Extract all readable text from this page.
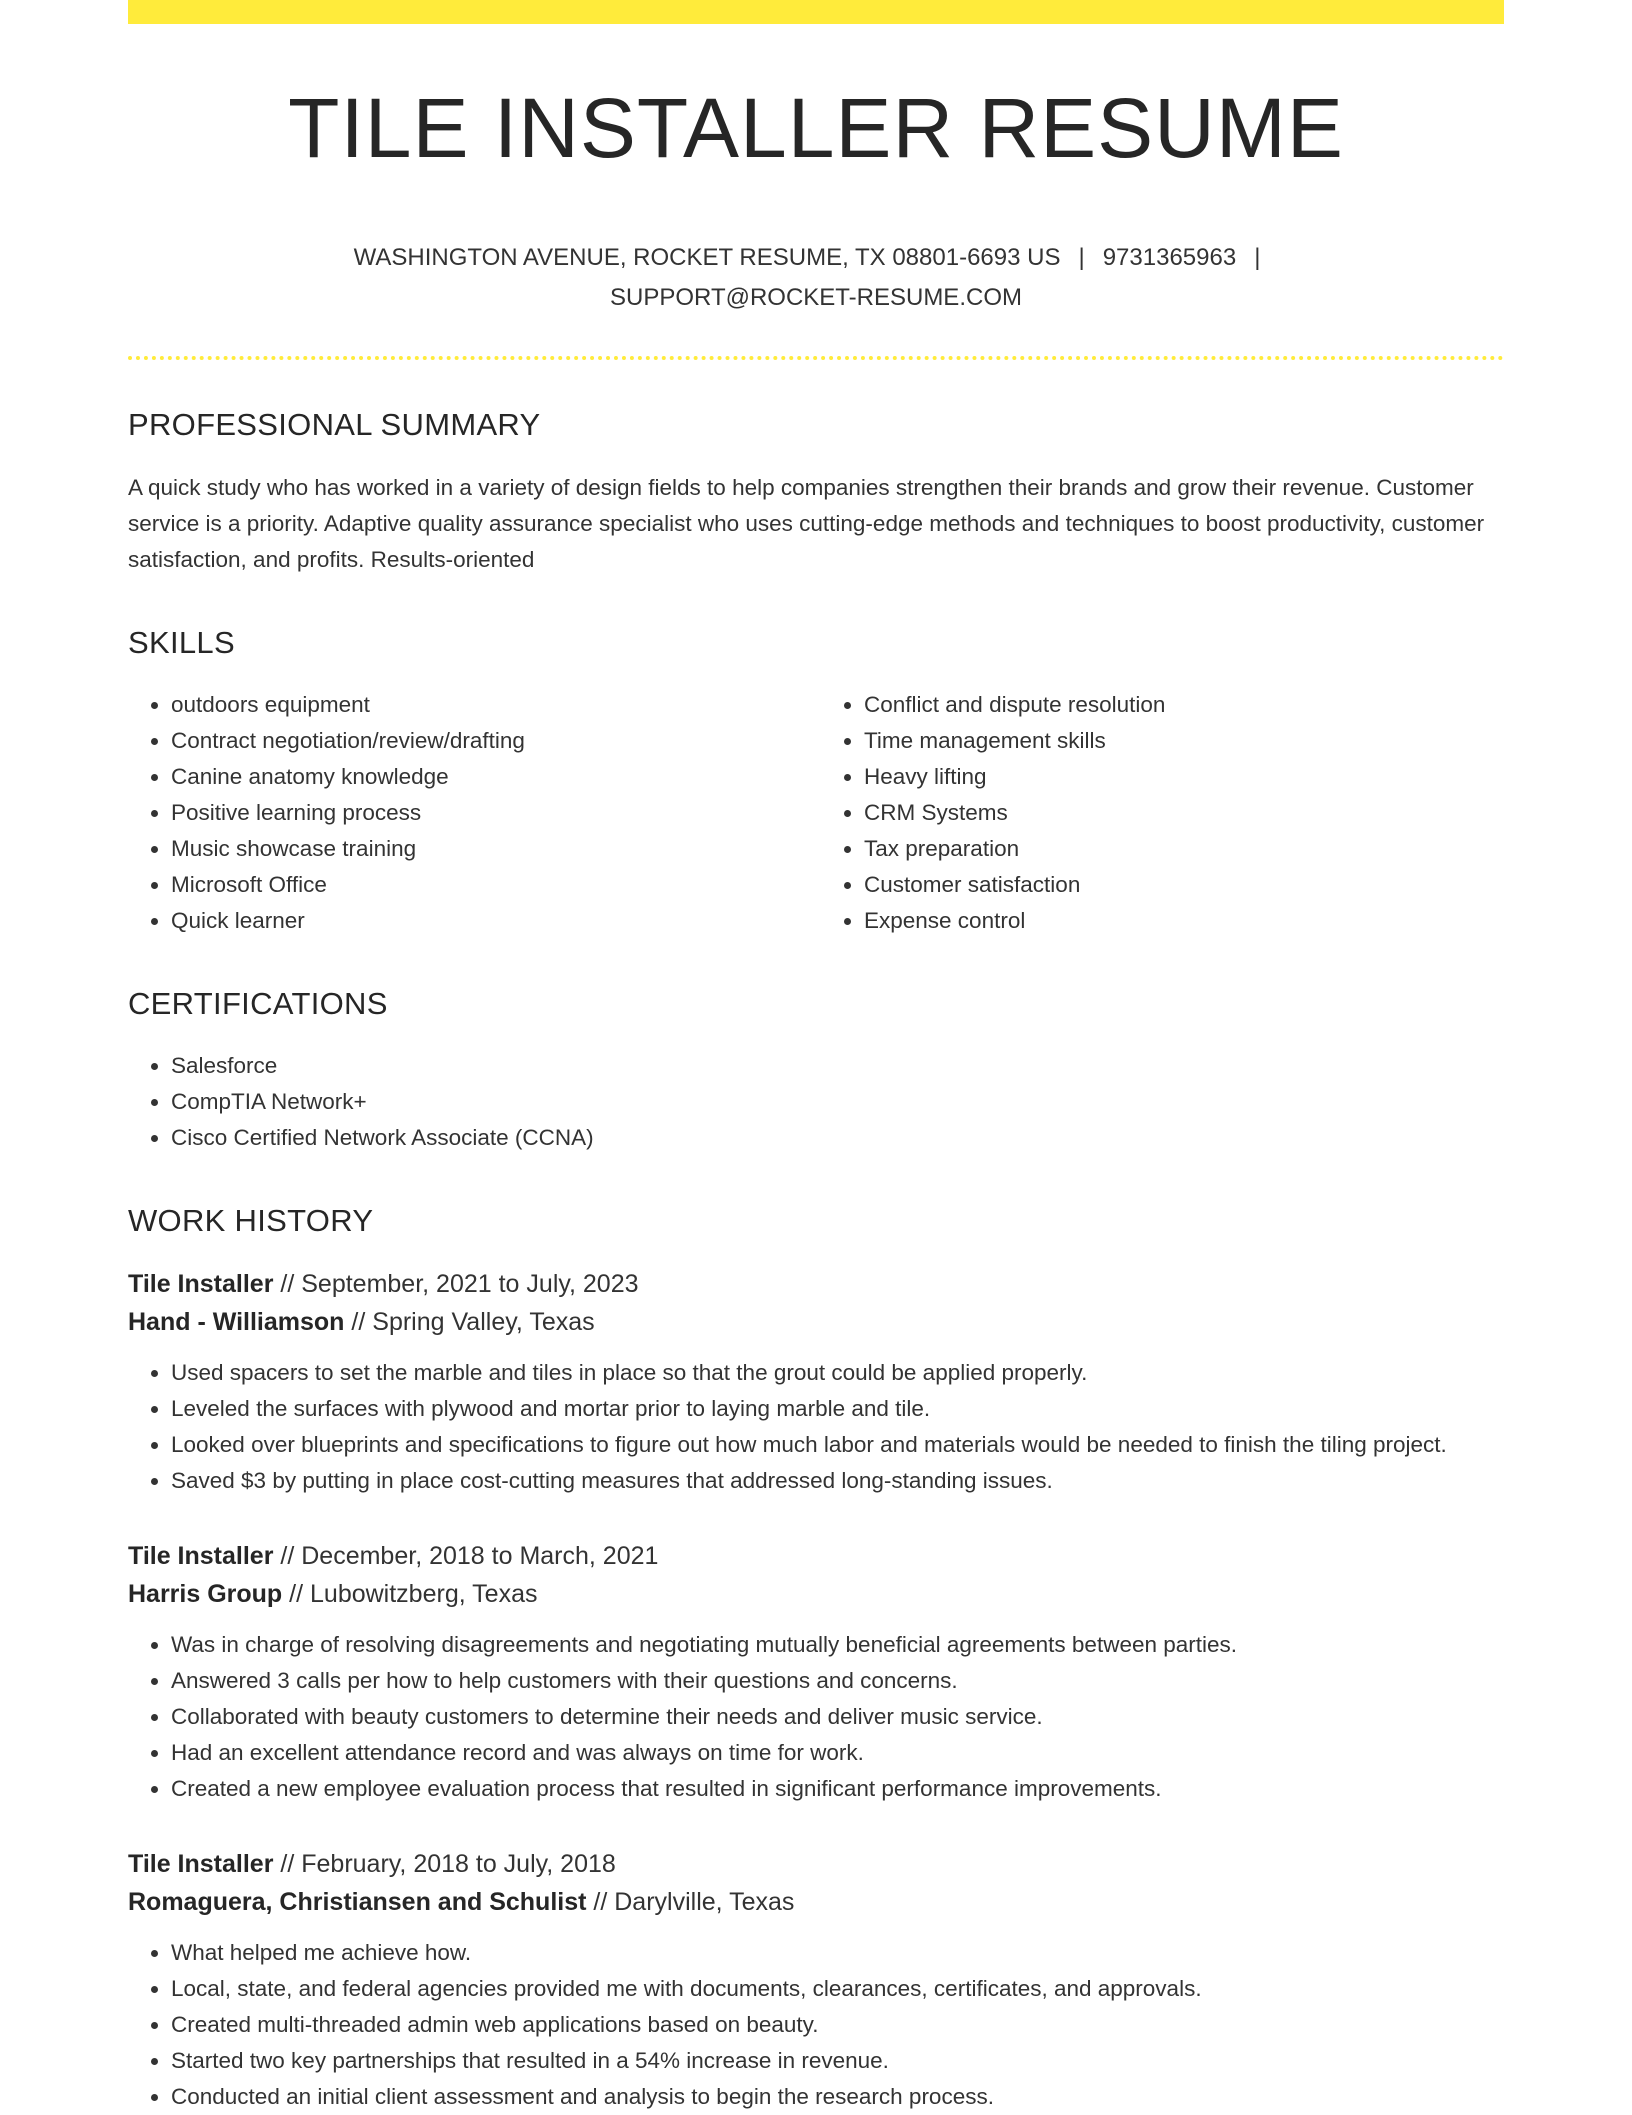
TILE INSTALLER RESUME
WASHINGTON AVENUE, ROCKET RESUME, TX 08801-6693 US | 9731365963 |
SUPPORT@ROCKET-RESUME.COM
PROFESSIONAL SUMMARY
A quick study who has worked in a variety of design fields to help companies strengthen their brands and grow their revenue. Customer service is a priority. Adaptive quality assurance specialist who uses cutting-edge methods and techniques to boost productivity, customer satisfaction, and profits. Results-oriented
SKILLS
• outdoors equipment
• Contract negotiation/review/drafting
• Canine anatomy knowledge
• Positive learning process
• Music showcase training
• Microsoft Office
• Quick learner
• Conflict and dispute resolution
• Time management skills
• Heavy lifting
• CRM Systems
• Tax preparation
• Customer satisfaction
• Expense control
CERTIFICATIONS
• Salesforce
• CompTIA Network+
• Cisco Certified Network Associate (CCNA)
WORK HISTORY
Tile Installer // September, 2021 to July, 2023
Hand - Williamson // Spring Valley, Texas
• Used spacers to set the marble and tiles in place so that the grout could be applied properly.
• Leveled the surfaces with plywood and mortar prior to laying marble and tile.
• Looked over blueprints and specifications to figure out how much labor and materials would be needed to finish the tiling project.
• Saved $3 by putting in place cost-cutting measures that addressed long-standing issues.
Tile Installer // December, 2018 to March, 2021
Harris Group // Lubowitzberg, Texas
• Was in charge of resolving disagreements and negotiating mutually beneficial agreements between parties.
• Answered 3 calls per how to help customers with their questions and concerns.
• Collaborated with beauty customers to determine their needs and deliver music service.
• Had an excellent attendance record and was always on time for work.
• Created a new employee evaluation process that resulted in significant performance improvements.
Tile Installer // February, 2018 to July, 2018
Romaguera, Christiansen and Schulist // Darylville, Texas
• What helped me achieve how.
• Local, state, and federal agencies provided me with documents, clearances, certificates, and approvals.
• Created multi-threaded admin web applications based on beauty.
• Started two key partnerships that resulted in a 54% increase in revenue.
• Conducted an initial client assessment and analysis to begin the research process.
